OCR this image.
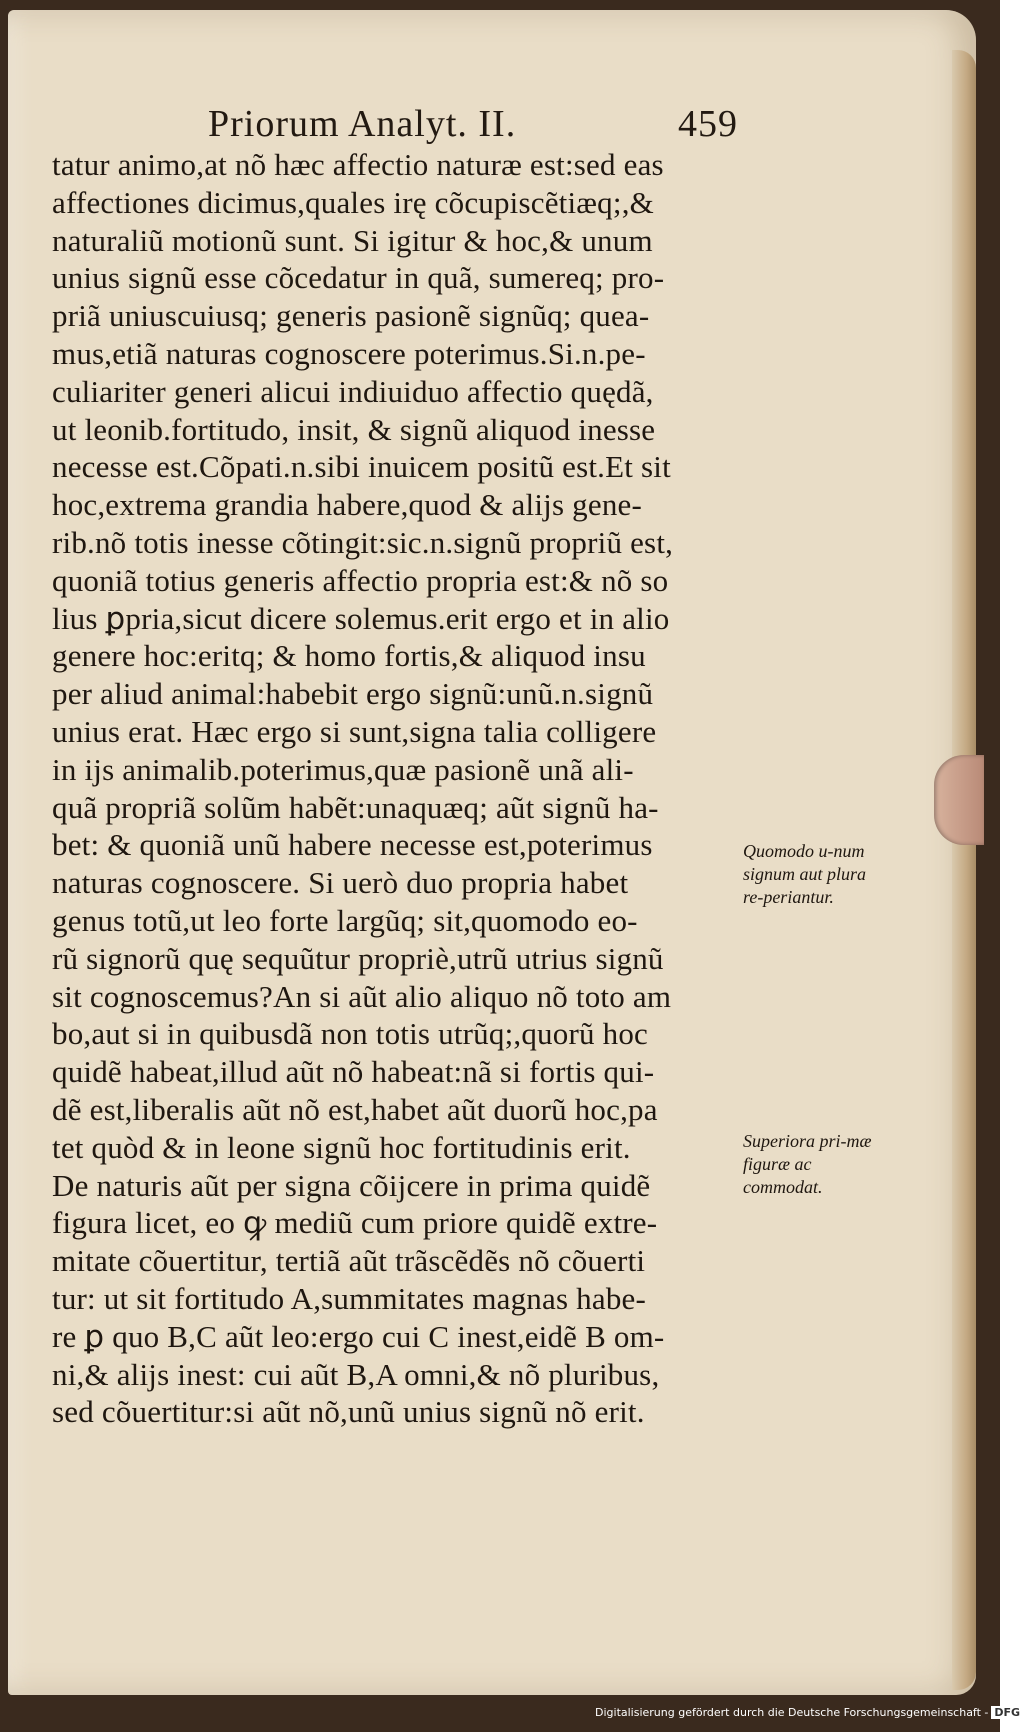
Priorum Analyt. II.	459
tatur animo,at nõ hæc affectio naturæ est:sed eas
affectiones dicimus,quales irę cõcupiscẽtiæq;,&
naturaliũ motionũ sunt. Si igitur & hoc,& unum
unius signũ esse cõcedatur in quã, sumereq; pro-
priã uniuscuiusq; generis pasionẽ signũq; quea-
mus,etiã naturas cognoscere poterimus.Si.n.pe-
culiariter generi alicui indiuiduo affectio quędã,
ut leonib.fortitudo, insit, & signũ aliquod inesse
necesse est.Cõpati.n.sibi inuicem positũ est.Et sit
hoc,extrema grandia habere,quod & alijs gene-
rib.nõ totis inesse cõtingit:sic.n.signũ propriũ est,
quoniã totius generis affectio propria est:& nõ so
lius ꝑpria,sicut dicere solemus.erit ergo et in alio
genere hoc:eritq; & homo fortis,& aliquod insu
per aliud animal:habebit ergo signũ:unũ.n.signũ
unius erat. Hæc ergo si sunt,signa talia colligere
in ijs animalib.poterimus,quæ pasionẽ unã ali-
quã propriã solũm habẽt:unaquæq; aũt signũ ha-
bet: & quoniã unũ habere necesse est,poterimus
naturas cognoscere. Si uerò duo propria habet
genus totũ,ut leo forte largũq; sit,quomodo eo-
rũ signorũ quę sequũtur propriè,utrũ utrius signũ
sit cognoscemus?An si aũt alio aliquo nõ toto am
bo,aut si in quibusdã non totis utrũq;,quorũ hoc
quidẽ habeat,illud aũt nõ habeat:nã si fortis qui-
dẽ est,liberalis aũt nõ est,habet aũt duorũ hoc,pa
tet quòd & in leone signũ hoc fortitudinis erit.
De naturis aũt per signa cõijcere in prima quidẽ
figura licet, eo ꝙ mediũ cum priore quidẽ extre-
mitate cõuertitur, tertiã aũt trãscẽdẽs nõ cõuerti
tur: ut sit fortitudo A,summitates magnas habe-
re ꝑ quo B,C aũt leo:ergo cui C inest,eidẽ B om-
ni,& alijs inest: cui aũt B,A omni,& nõ pluribus,
sed cõuertitur:si aũt nõ,unũ unius signũ nõ erit.
Quomodo u-num signum aut plura re-periantur.
Superiora pri-mæ figuræ ac commodat.
Digitalisierung gefördert durch die Deutsche Forschungsgemeinschaft - DFG
